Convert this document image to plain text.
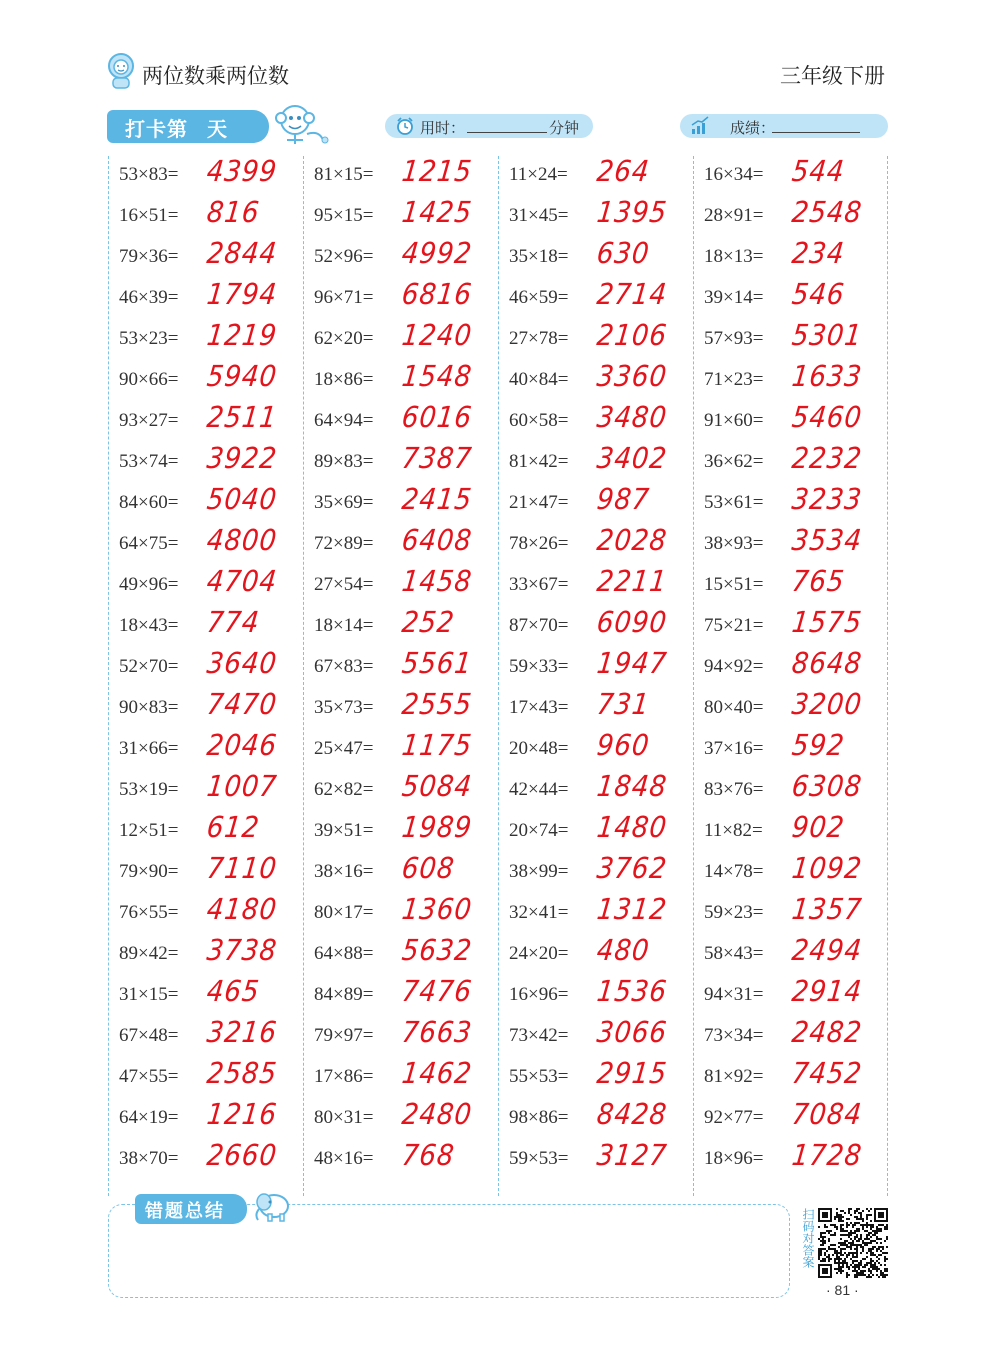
两位数乘两位数	三年级下册
打卡第 天	用时：	分钟	成绩：
53×83= 4399
16×51= 816
79×36= 2844
46×39= 1794
53×23= 1219
90×66= 5940
93×27= 2511
53×74= 3922
84×60= 5040
64×75= 4800
49×96= 4704
18×43= 774
52×70= 3640
90×83= 7470
31×66= 2046
53×19= 1007
12×51= 612
79×90= 7110
76×55= 4180
89×42= 3738
31×15= 465
67×48= 3216
47×55= 2585
64×19= 1216
38×70= 2660
81×15= 1215
95×15= 1425
52×96= 4992
96×71= 6816
62×20= 1240
18×86= 1548
64×94= 6016
89×83= 7387
35×69= 2415
72×89= 6408
27×54= 1458
18×14= 252
67×83= 5561
35×73= 2555
25×47= 1175
62×82= 5084
39×51= 1989
38×16= 608
80×17= 1360
64×88= 5632
84×89= 7476
79×97= 7663
17×86= 1462
80×31= 2480
48×16= 768
11×24= 264
31×45= 1395
35×18= 630
46×59= 2714
27×78= 2106
40×84= 3360
60×58= 3480
81×42= 3402
21×47= 987
78×26= 2028
33×67= 2211
87×70= 6090
59×33= 1947
17×43= 731
20×48= 960
42×44= 1848
20×74= 1480
38×99= 3762
32×41= 1312
24×20= 480
16×96= 1536
73×42= 3066
55×53= 2915
98×86= 8428
59×53= 3127
16×34= 544
28×91= 2548
18×13= 234
39×14= 546
57×93= 5301
71×23= 1633
91×60= 5460
36×62= 2232
53×61= 3233
38×93= 3534
15×51= 765
75×21= 1575
94×92= 8648
80×40= 3200
37×16= 592
83×76= 6308
11×82= 902
14×78= 1092
59×23= 1357
58×43= 2494
94×31= 2914
73×34= 2482
81×92= 7452
92×77= 7084
18×96= 1728
错题总结	扫码对答案
· 81 ·
